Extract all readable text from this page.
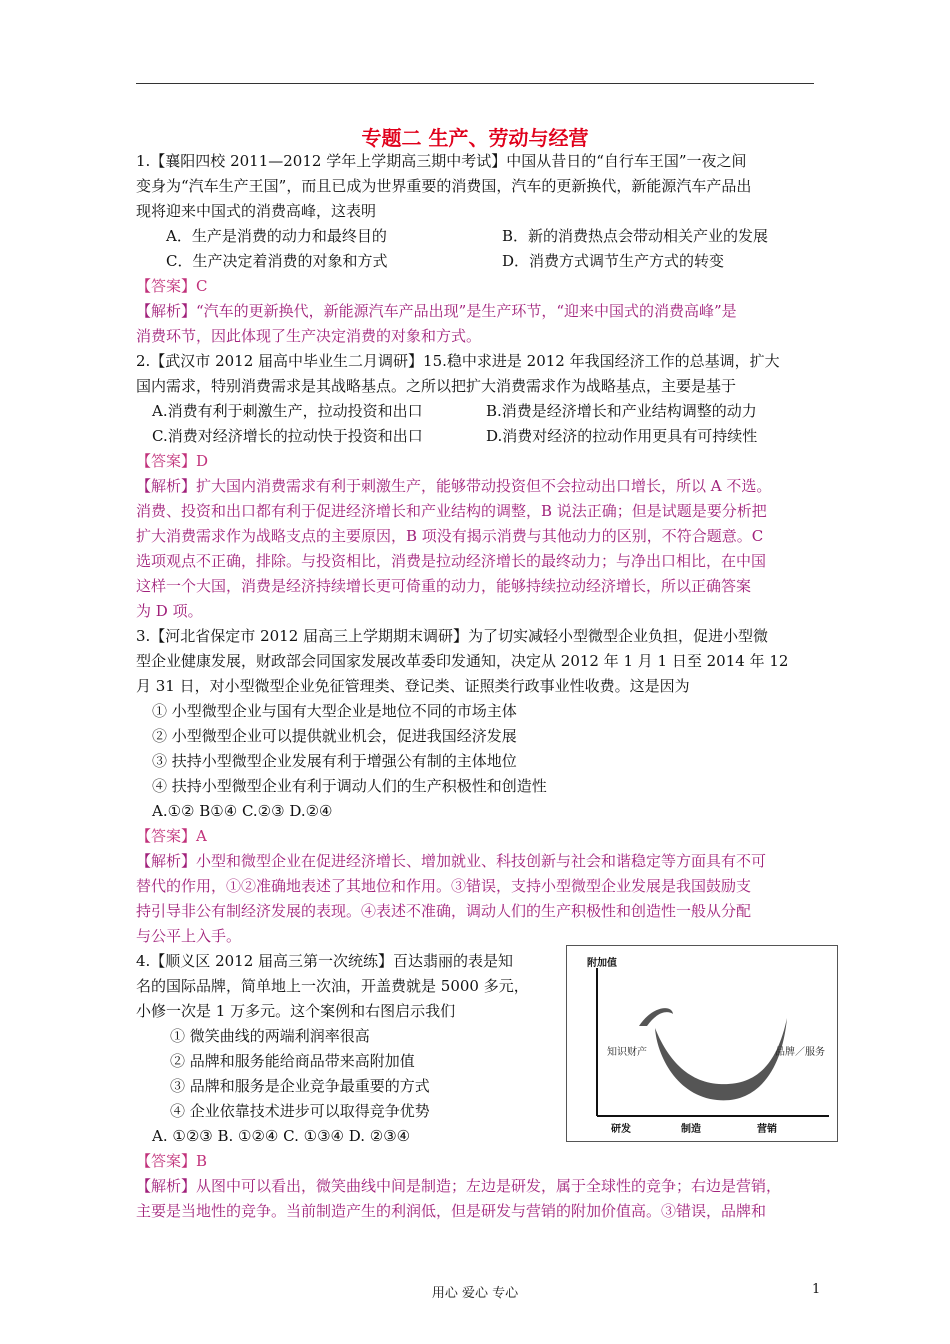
专题二 生产、劳动与经营
1.【襄阳四校 2011—2012 学年上学期高三期中考试】中国从昔日的“自行车王国”一夜之间
变身为“汽车生产王国”，而且已成为世界重要的消费国，汽车的更新换代，新能源汽车产品出
现将迎来中国式的消费高峰，这表明
A．生产是消费的动力和最终目的	B．新的消费热点会带动相关产业的发展
C．生产决定着消费的对象和方式	D．消费方式调节生产方式的转变
【答案】C
【解析】“汽车的更新换代，新能源汽车产品出现”是生产环节，“迎来中国式的消费高峰”是
消费环节，因此体现了生产决定消费的对象和方式。
2.【武汉市 2012 届高中毕业生二月调研】15.稳中求进是 2012 年我国经济工作的总基调，扩大
国内需求，特别消费需求是其战略基点。之所以把扩大消费需求作为战略基点，主要是基于
A.消费有利于刺激生产，拉动投资和出口	B.消费是经济增长和产业结构调整的动力
C.消费对经济增长的拉动快于投资和出口	D.消费对经济的拉动作用更具有可持续性
【答案】D
【解析】扩大国内消费需求有利于刺激生产，能够带动投资但不会拉动出口增长，所以 A 不选。
消费、投资和出口都有利于促进经济增长和产业结构的调整，B 说法正确；但是试题是要分析把
扩大消费需求作为战略支点的主要原因，B 项没有揭示消费与其他动力的区别，不符合题意。C
选项观点不正确，排除。与投资相比，消费是拉动经济增长的最终动力；与净出口相比，在中国
这样一个大国，消费是经济持续增长更可倚重的动力，能够持续拉动经济增长，所以正确答案
为 D 项。
3.【河北省保定市 2012 届高三上学期期末调研】为了切实减轻小型微型企业负担，促进小型微
型企业健康发展，财政部会同国家发展改革委印发通知，决定从 2012 年 1 月 1 日至 2014 年 12
月 31 日，对小型微型企业免征管理类、登记类、证照类行政事业性收费。这是因为
① 小型微型企业与国有大型企业是地位不同的市场主体
② 小型微型企业可以提供就业机会，促进我国经济发展
③ 扶持小型微型企业发展有利于增强公有制的主体地位
④ 扶持小型微型企业有利于调动人们的生产积极性和创造性
A.①② B①④ C.②③ D.②④
【答案】A
【解析】小型和微型企业在促进经济增长、增加就业、科技创新与社会和谐稳定等方面具有不可
替代的作用，①②准确地表述了其地位和作用。③错误，支持小型微型企业发展是我国鼓励支
持引导非公有制经济发展的表现。④表述不准确，调动人们的生产积极性和创造性一般从分配
与公平上入手。
4.【顺义区 2012 届高三第一次统练】百达翡丽的表是知
名的国际品牌，简单地上一次油，开盖费就是 5000 多元，
小修一次是 1 万多元。这个案例和右图启示我们
① 微笑曲线的两端利润率很高
② 品牌和服务能给商品带来高附加值
③ 品牌和服务是企业竞争最重要的方式
④ 企业依靠技术进步可以取得竞争优势
A. ①②③ B. ①②④ C. ①③④ D. ②③④
【答案】B
【解析】从图中可以看出，微笑曲线中间是制造；左边是研发，属于全球性的竞争；右边是营销，
主要是当地性的竞争。当前制造产生的利润低，但是研发与营销的附加价值高。③错误，品牌和
附加值
知识财产	品牌／服务
研发	制造	营销
用心 爱心 专心	1
